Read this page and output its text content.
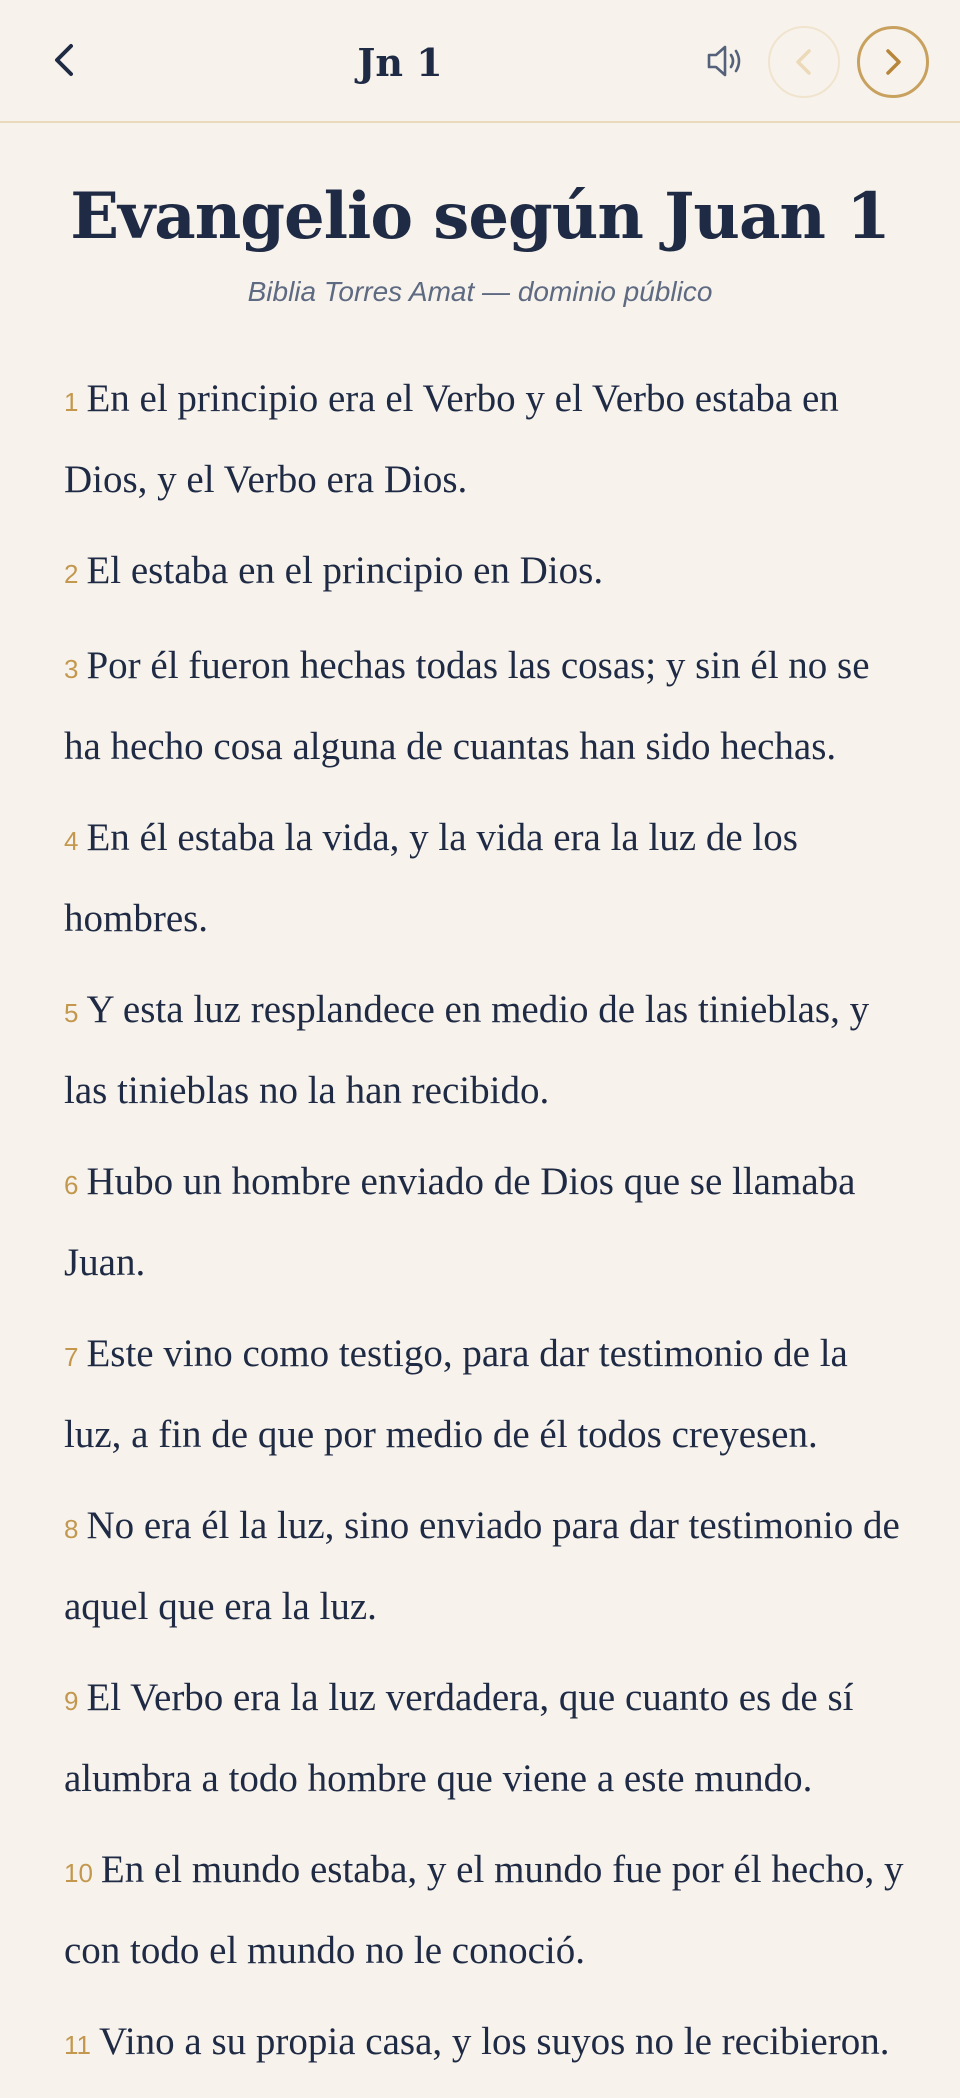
Jn 1
Evangelio según Juan 1
Biblia Torres Amat — dominio público

1 En el principio era el Verbo y el Verbo estaba en Dios, y el Verbo era Dios.

2 El estaba en el principio en Dios.

3 Por él fueron hechas todas las cosas; y sin él no se ha hecho cosa alguna de cuantas han sido hechas.

4 En él estaba la vida, y la vida era la luz de los hombres.

5 Y esta luz resplandece en medio de las tinieblas, y las tinieblas no la han recibido.

6 Hubo un hombre enviado de Dios que se llamaba Juan.

7 Este vino como testigo, para dar testimonio de la luz, a fin de que por medio de él todos creyesen.

8 No era él la luz, sino enviado para dar testimonio de aquel que era la luz.

9 El Verbo era la luz verdadera, que cuanto es de sí alumbra a todo hombre que viene a este mundo.

10 En el mundo estaba, y el mundo fue por él hecho, y con todo el mundo no le conoció.

11 Vino a su propia casa, y los suyos no le recibieron.
